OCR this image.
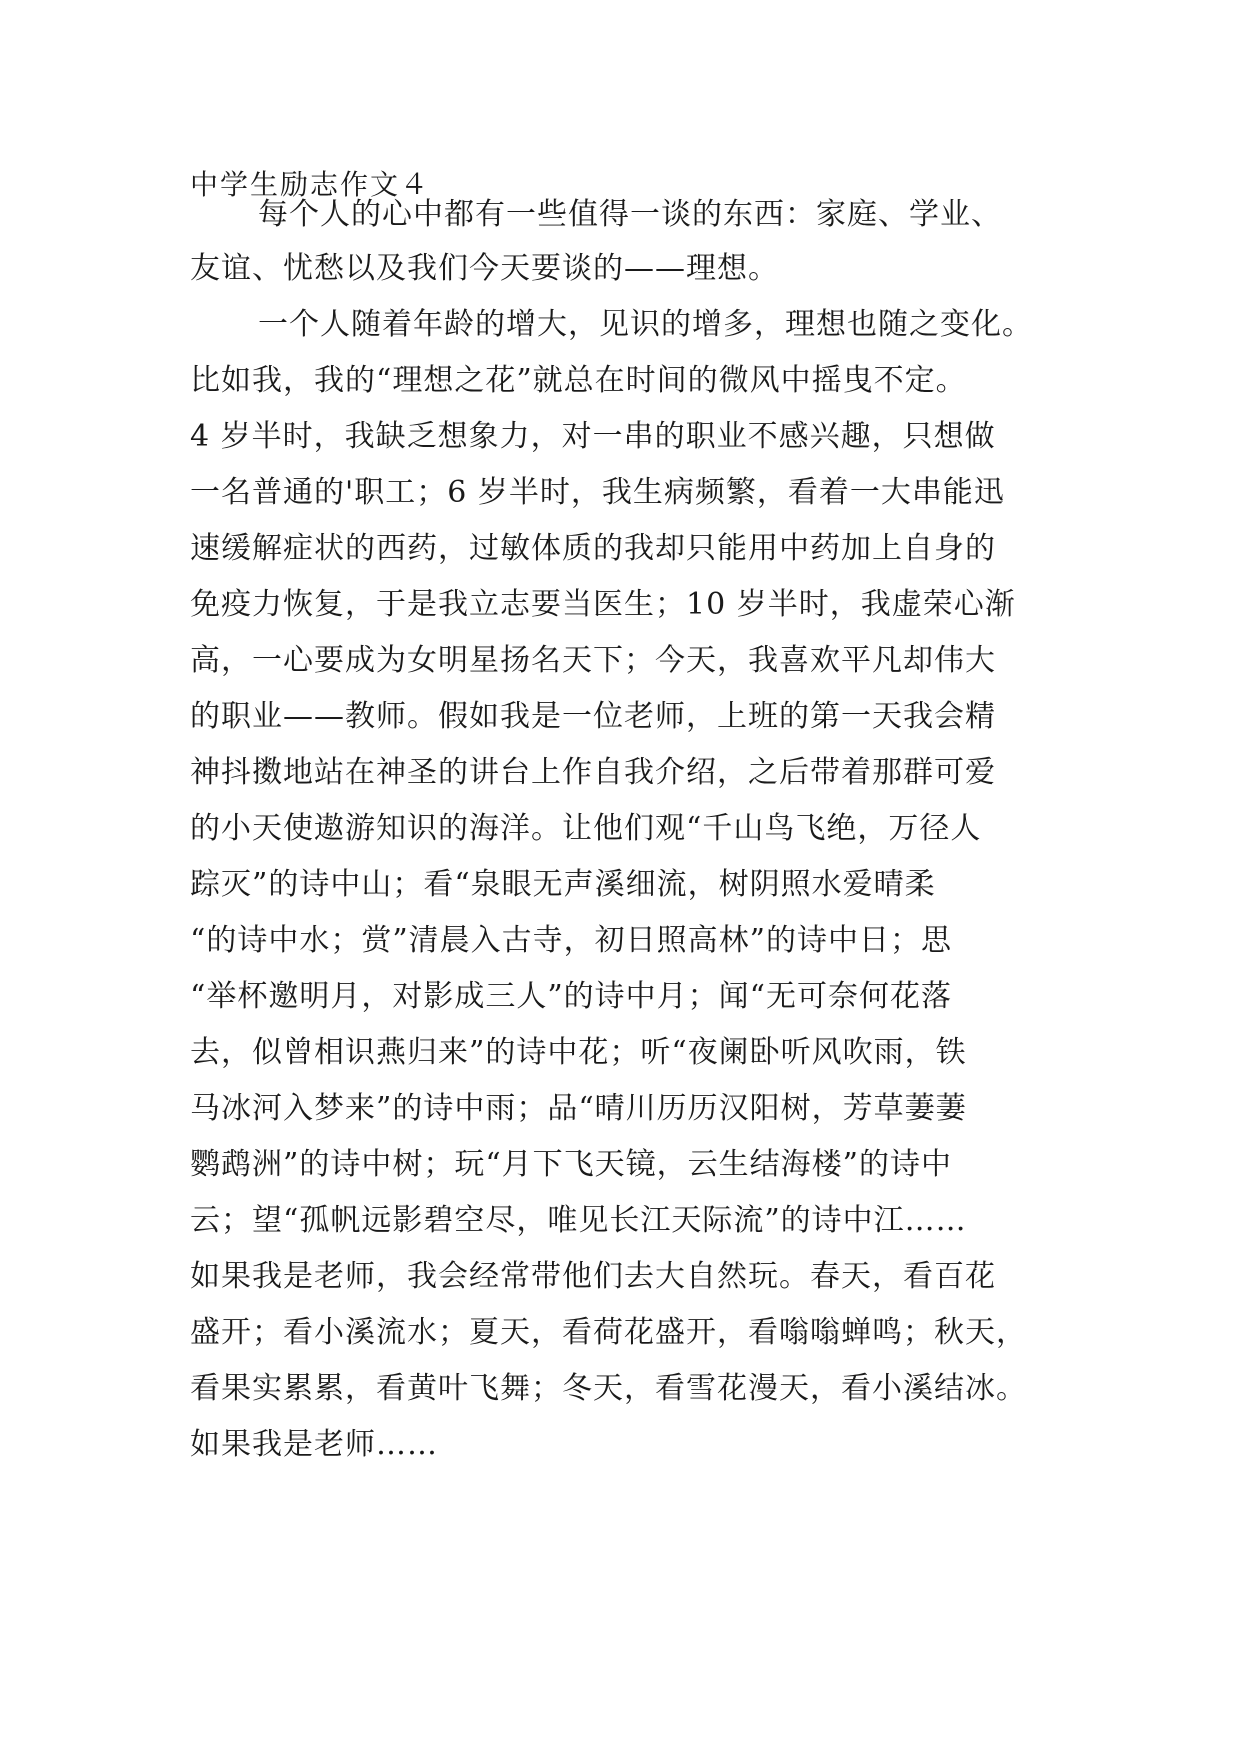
中学生励志作文４
每个人的心中都有一些值得一谈的东西：家庭、学业、
友谊、忧愁以及我们今天要谈的——理想。
一个人随着年龄的增大，见识的增多，理想也随之变化。
比如我，我的“理想之花”就总在时间的微风中摇曳不定。
4 岁半时，我缺乏想象力，对一串的职业不感兴趣，只想做
一名普通的'职工；6 岁半时，我生病频繁，看着一大串能迅
速缓解症状的西药，过敏体质的我却只能用中药加上自身的
免疫力恢复，于是我立志要当医生；10 岁半时，我虚荣心渐
高，一心要成为女明星扬名天下；今天，我喜欢平凡却伟大
的职业——教师。假如我是一位老师，上班的第一天我会精
神抖擞地站在神圣的讲台上作自我介绍，之后带着那群可爱
的小天使遨游知识的海洋。让他们观“千山鸟飞绝，万径人
踪灭”的诗中山；看“泉眼无声溪细流，树阴照水爱晴柔
“的诗中水；赏”清晨入古寺，初日照高林”的诗中日；思
“举杯邀明月，对影成三人”的诗中月；闻“无可奈何花落
去，似曾相识燕归来”的诗中花；听“夜阑卧听风吹雨，铁
马冰河入梦来”的诗中雨；品“晴川历历汉阳树，芳草萋萋
鹦鹉洲”的诗中树；玩“月下飞天镜，云生结海楼”的诗中
云；望“孤帆远影碧空尽，唯见长江天际流”的诗中江……
如果我是老师，我会经常带他们去大自然玩。春天，看百花
盛开；看小溪流水；夏天，看荷花盛开，看嗡嗡蝉鸣；秋天，
看果实累累，看黄叶飞舞；冬天，看雪花漫天，看小溪结冰。
如果我是老师……
